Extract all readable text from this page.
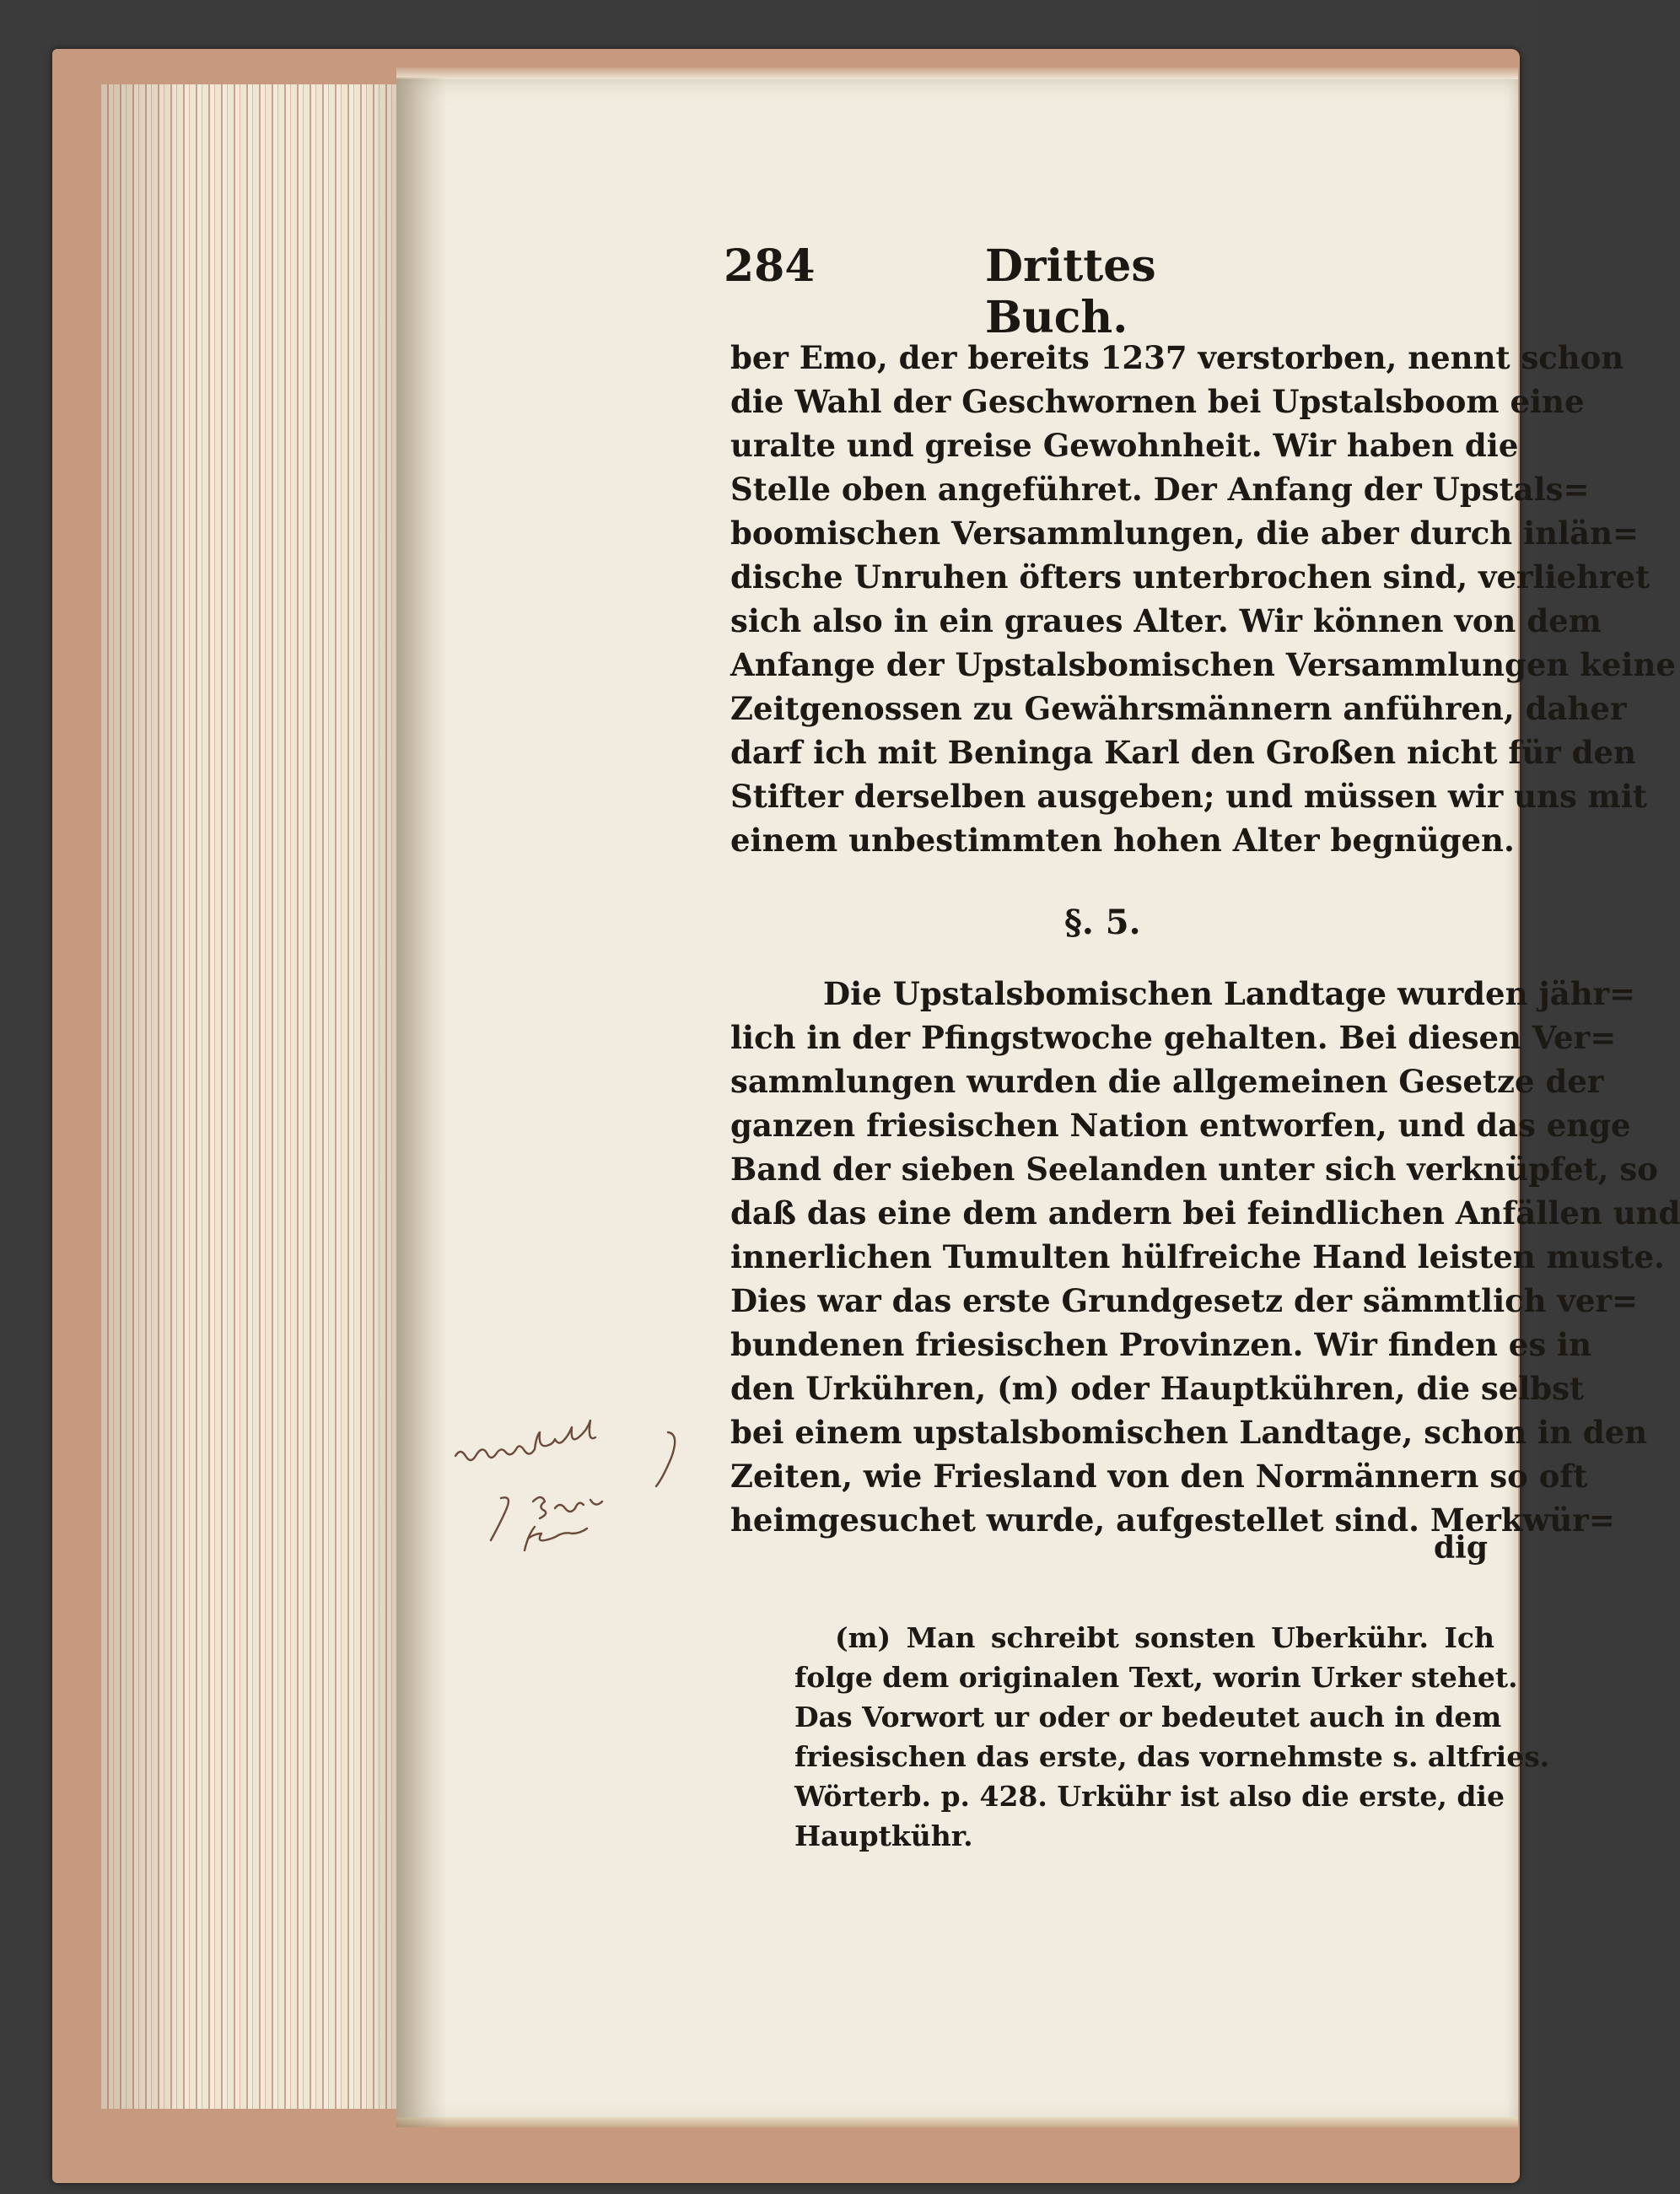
284	Drittes Buch.
ber Emo, der bereits 1237 verstorben, nennt schon
die Wahl der Geschwornen bei Upstalsboom eine
uralte und greise Gewohnheit. Wir haben die
Stelle oben angeführet. Der Anfang der Upstals=
boomischen Versammlungen, die aber durch inlän=
dische Unruhen öfters unterbrochen sind, verliehret
sich also in ein graues Alter. Wir können von dem
Anfange der Upstalsbomischen Versammlungen keine
Zeitgenossen zu Gewährsmännern anführen, daher
darf ich mit Beninga Karl den Großen nicht für den
Stifter derselben ausgeben; und müssen wir uns mit
einem unbestimmten hohen Alter begnügen.
§. 5.
Die Upstalsbomischen Landtage wurden jähr=
lich in der Pfingstwoche gehalten. Bei diesen Ver=
sammlungen wurden die allgemeinen Gesetze der
ganzen friesischen Nation entworfen, und das enge
Band der sieben Seelanden unter sich verknüpfet, so
daß das eine dem andern bei feindlichen Anfällen und
innerlichen Tumulten hülfreiche Hand leisten muste.
Dies war das erste Grundgesetz der sämmtlich ver=
bundenen friesischen Provinzen. Wir finden es in
den Urkühren, (m) oder Hauptkühren, die selbst
bei einem upstalsbomischen Landtage, schon in den
Zeiten, wie Friesland von den Normännern so oft
heimgesuchet wurde, aufgestellet sind. Merkwür=
dig
(m) Man schreibt sonsten Uberkühr. Ich
folge dem originalen Text, worin Urker stehet.
Das Vorwort ur oder or bedeutet auch in dem
friesischen das erste, das vornehmste s. altfries.
Wörterb. p. 428. Urkühr ist also die erste, die
Hauptkühr.
